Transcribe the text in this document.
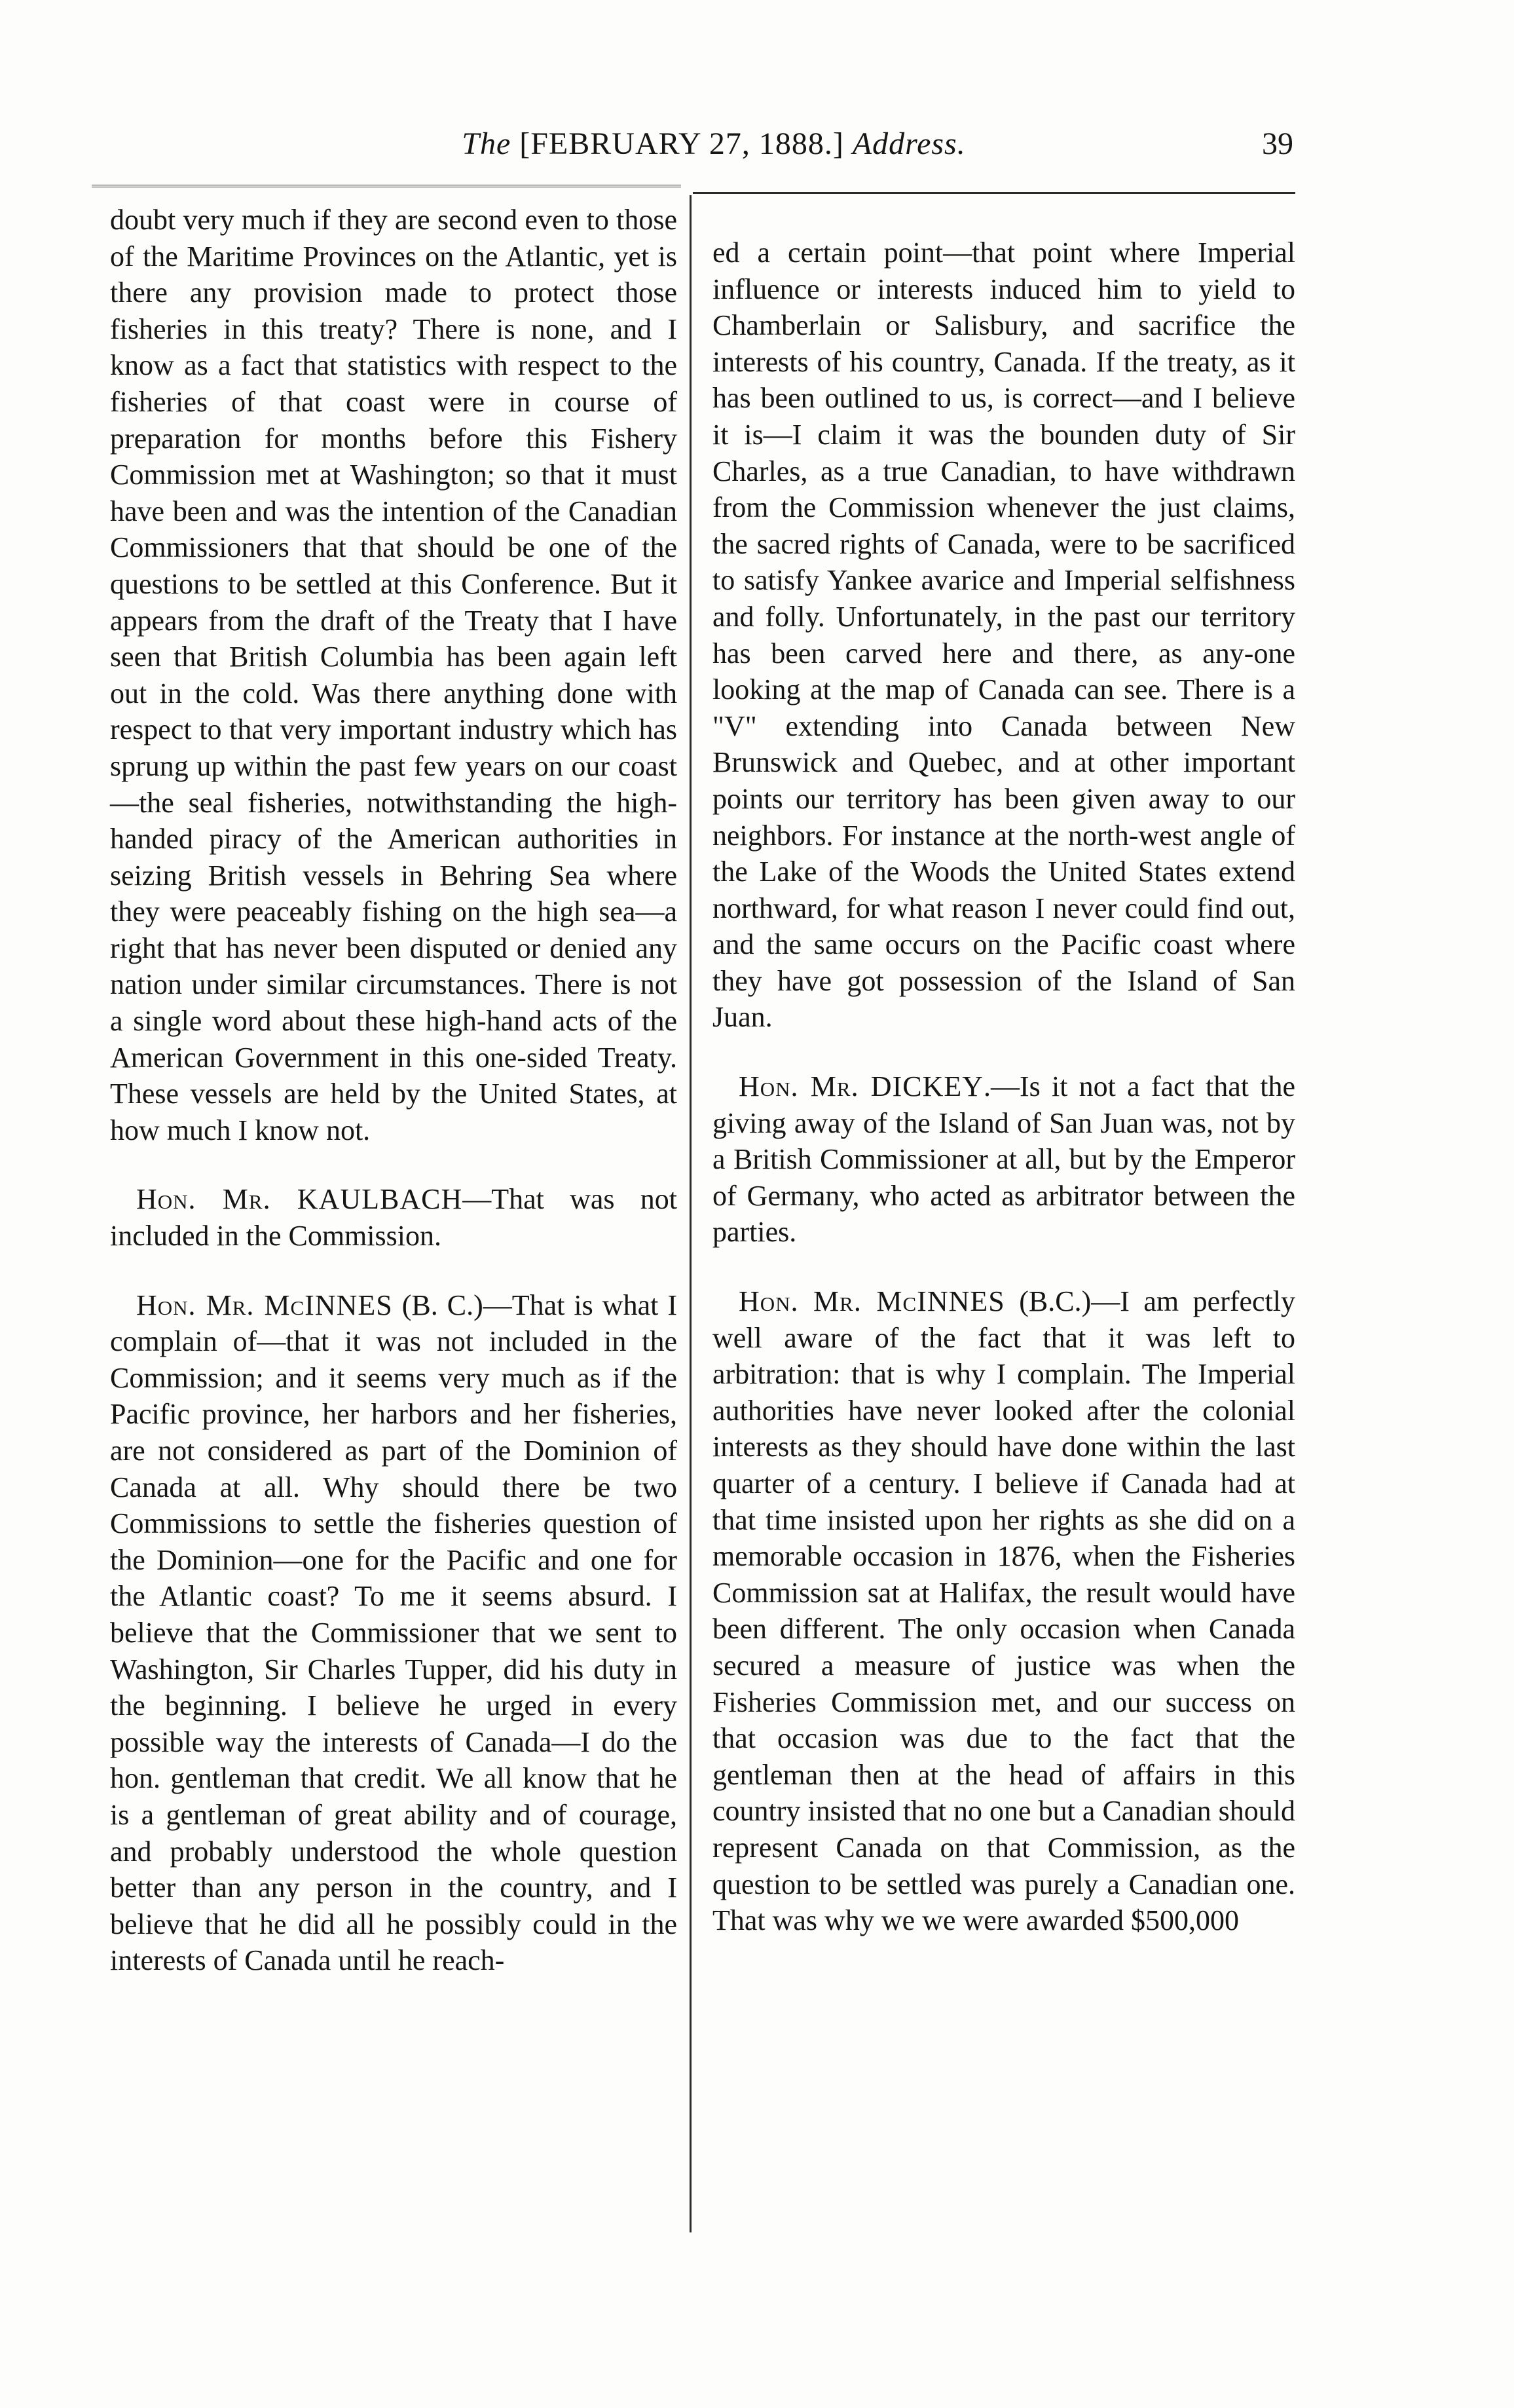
The [FEBRUARY 27, 1888.] Address.	39

doubt very much if they are second even to those of the Maritime Provinces on the Atlantic, yet is there any provision made to protect those fisheries in this treaty? There is none, and I know as a fact that statistics with respect to the fisheries of that coast were in course of preparation for months before this Fishery Commission met at Washington; so that it must have been and was the intention of the Canadian Commissioners that that should be one of the questions to be settled at this Conference. But it appears from the draft of the Treaty that I have seen that British Columbia has been again left out in the cold. Was there anything done with respect to that very important industry which has sprung up within the past few years on our coast—the seal fisheries, notwithstanding the high-handed piracy of the American authorities in seizing British vessels in Behring Sea where they were peaceably fishing on the high sea—a right that has never been disputed or denied any nation under similar circumstances. There is not a single word about these high-hand acts of the American Government in this one-sided Treaty. These vessels are held by the United States, at how much I know not.

Hon. Mr. KAULBACH—That was not included in the Commission.

Hon. Mr. McINNES (B. C.)—That is what I complain of—that it was not included in the Commission; and it seems very much as if the Pacific province, her harbors and her fisheries, are not considered as part of the Dominion of Canada at all. Why should there be two Commissions to settle the fisheries question of the Dominion—one for the Pacific and one for the Atlantic coast? To me it seems absurd. I believe that the Commissioner that we sent to Washington, Sir Charles Tupper, did his duty in the beginning. I believe he urged in every possible way the interests of Canada—I do the hon. gentleman that credit. We all know that he is a gentleman of great ability and of courage, and probably understood the whole question better than any person in the country, and I believe that he did all he possibly could in the interests of Canada until he reach-

ed a certain point—that point where Imperial influence or interests induced him to yield to Chamberlain or Salisbury, and sacrifice the interests of his country, Canada. If the treaty, as it has been outlined to us, is correct—and I believe it is—I claim it was the bounden duty of Sir Charles, as a true Canadian, to have withdrawn from the Commission whenever the just claims, the sacred rights of Canada, were to be sacrificed to satisfy Yankee avarice and Imperial selfishness and folly. Unfortunately, in the past our territory has been carved here and there, as any-one looking at the map of Canada can see. There is a "V" extending into Canada between New Brunswick and Quebec, and at other important points our territory has been given away to our neighbors. For instance at the north-west angle of the Lake of the Woods the United States extend northward, for what reason I never could find out, and the same occurs on the Pacific coast where they have got possession of the Island of San Juan.

Hon. Mr. DICKEY.—Is it not a fact that the giving away of the Island of San Juan was, not by a British Commissioner at all, but by the Emperor of Germany, who acted as arbitrator between the parties.

Hon. Mr. McINNES (B.C.)—I am perfectly well aware of the fact that it was left to arbitration: that is why I complain. The Imperial authorities have never looked after the colonial interests as they should have done within the last quarter of a century. I believe if Canada had at that time insisted upon her rights as she did on a memorable occasion in 1876, when the Fisheries Commission sat at Halifax, the result would have been different. The only occasion when Canada secured a measure of justice was when the Fisheries Commission met, and our success on that occasion was due to the fact that the gentleman then at the head of affairs in this country insisted that no one but a Canadian should represent Canada on that Commission, as the question to be settled was purely a Canadian one. That was why we we were awarded $500,000
